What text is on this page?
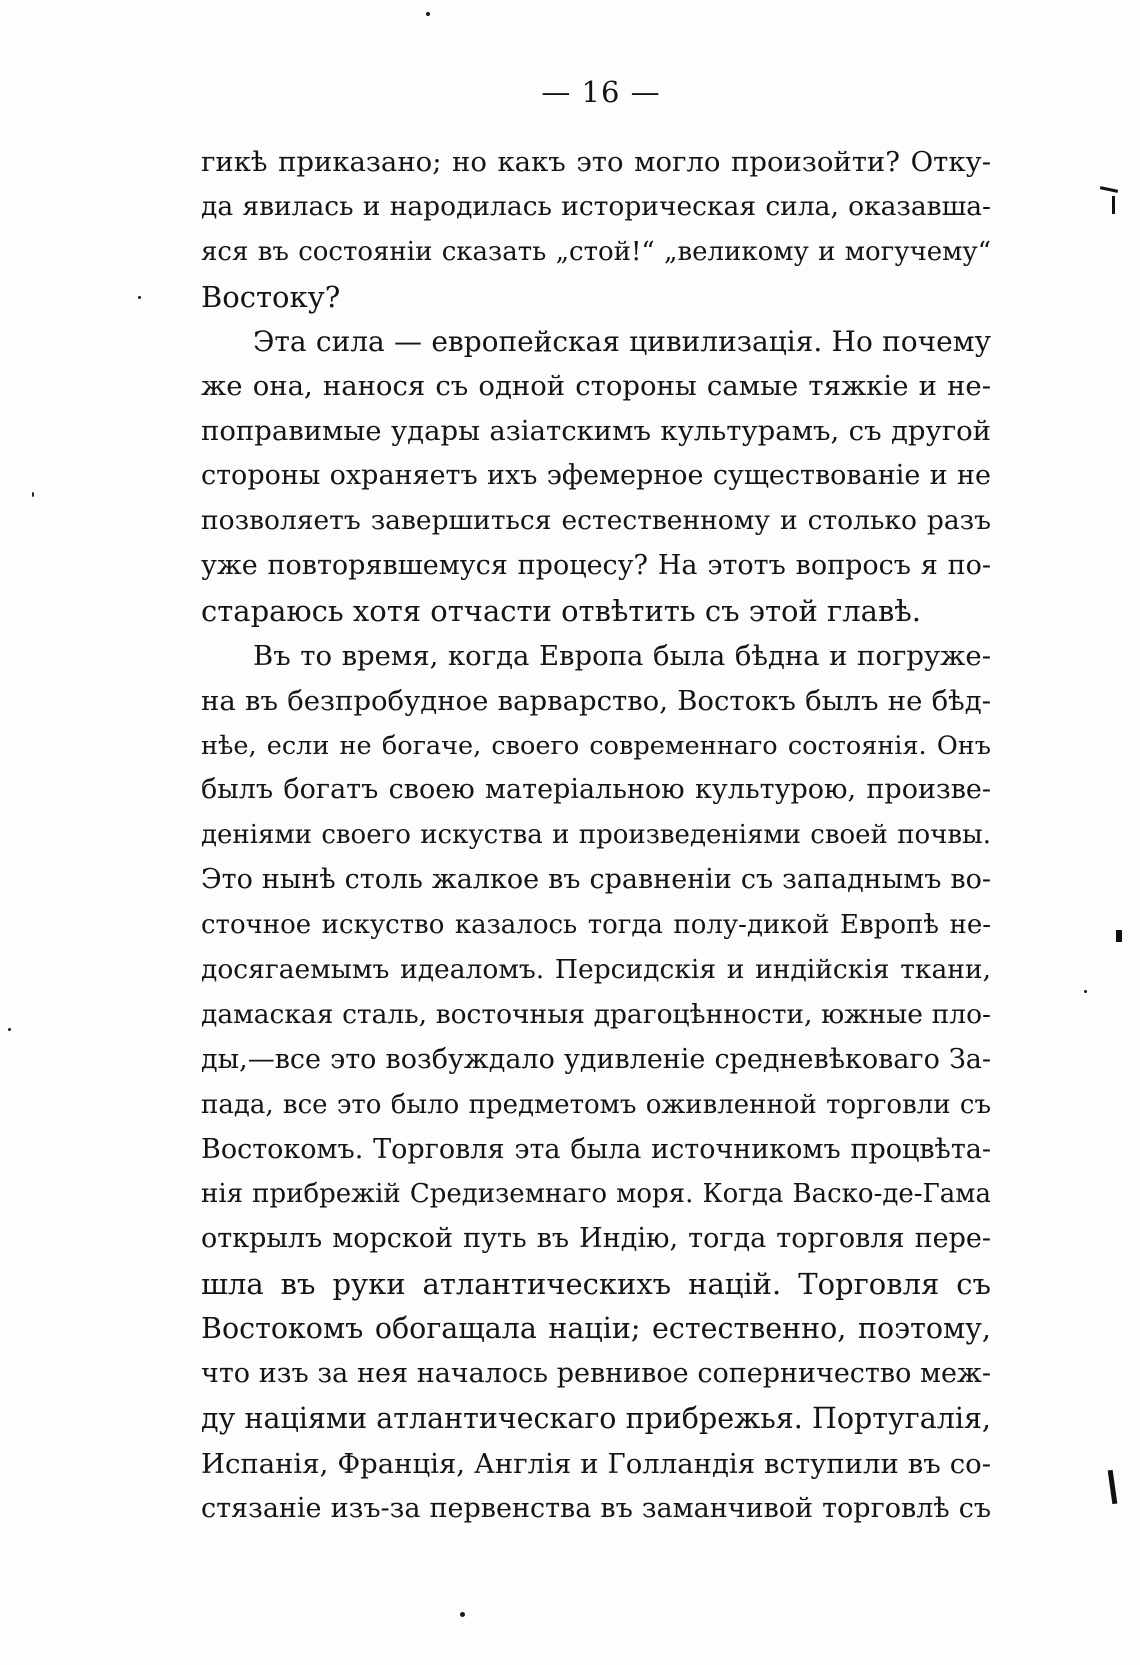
— 16 —
гикѣ приказано; но какъ это могло произойти? Отку-
да явилась и народилась историческая сила, оказавша-
яся въ состояніи сказать „стой!“ „великому и могучему“
Востоку?
Эта сила — европейская цивилизація. Но почему
же она, нанося съ одной стороны самые тяжкіе и не-
поправимые удары азіатскимъ культурамъ, съ другой
стороны охраняетъ ихъ эфемерное существованіе и не
позволяетъ завершиться естественному и столько разъ
уже повторявшемуся процесу? На этотъ вопросъ я по-
стараюсь хотя отчасти отвѣтить съ этой главѣ.
Въ то время, когда Европа была бѣдна и погруже-
на въ безпробудное варварство, Востокъ былъ не бѣд-
нѣе, если не богаче, своего современнаго состоянія. Онъ
былъ богатъ своею матеріальною культурою, произве-
деніями своего искуства и произведеніями своей почвы.
Это нынѣ столь жалкое въ сравненіи съ западнымъ во-
сточное искуство казалось тогда полу-дикой Европѣ не-
досягаемымъ идеаломъ. Персидскія и индійскія ткани,
дамаская сталь, восточныя драгоцѣнности, южные пло-
ды,—все это возбуждало удивленіе средневѣковаго За-
пада, все это было предметомъ оживленной торговли съ
Востокомъ. Торговля эта была источникомъ процвѣта-
нія прибрежій Средиземнаго моря. Когда Васко-де-Гама
открылъ морской путь въ Индію, тогда торговля пере-
шла въ руки атлантическихъ націй. Торговля съ
Востокомъ обогащала націи; естественно, поэтому,
что изъ за нея началось ревнивое соперничество меж-
ду націями атлантическаго прибрежья. Португалія,
Испанія, Франція, Англія и Голландія вступили въ со-
стязаніе изъ-за первенства въ заманчивой торговлѣ съ
